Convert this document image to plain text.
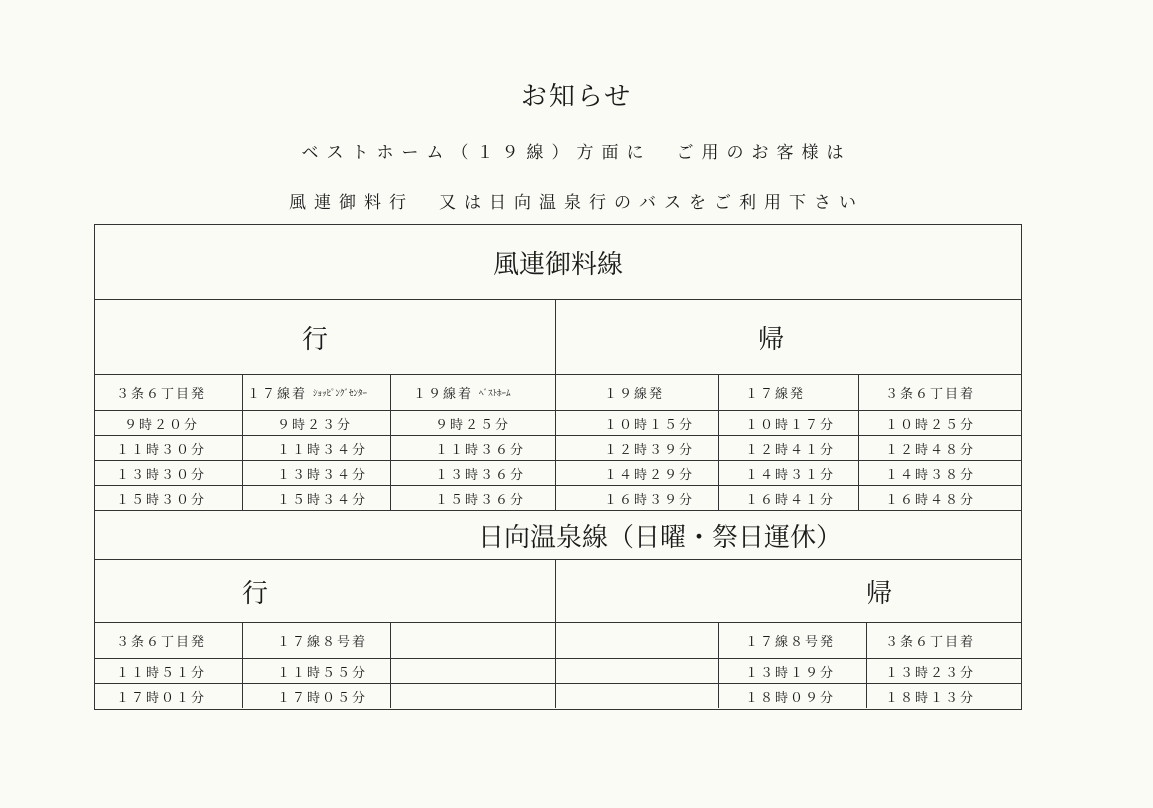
お知らせ
ベストホーム（１９線）方面に　ご用のお客様は
風連御料行　又は日向温泉行のバスをご利用下さい
風連御料線
行	帰
３条６丁目発	１７線着 ｼｮｯﾋﾟﾝｸﾞｾﾝﾀｰ	１９線着 ﾍﾞｽﾄﾎｰﾑ	１９線発	１７線発	３条６丁目着
９時２０分	９時２３分	９時２５分	１０時１５分	１０時１７分	１０時２５分
１１時３０分	１１時３４分	１１時３６分	１２時３９分	１２時４１分	１２時４８分
１３時３０分	１３時３４分	１３時３６分	１４時２９分	１４時３１分	１４時３８分
１５時３０分	１５時３４分	１５時３６分	１６時３９分	１６時４１分	１６時４８分
日向温泉線（日曜・祭日運休）
行	帰
３条６丁目発	１７線８号着	１７線８号発	３条６丁目着
１１時５１分	１１時５５分	１３時１９分	１３時２３分
１７時０１分	１７時０５分	１８時０９分	１８時１３分
